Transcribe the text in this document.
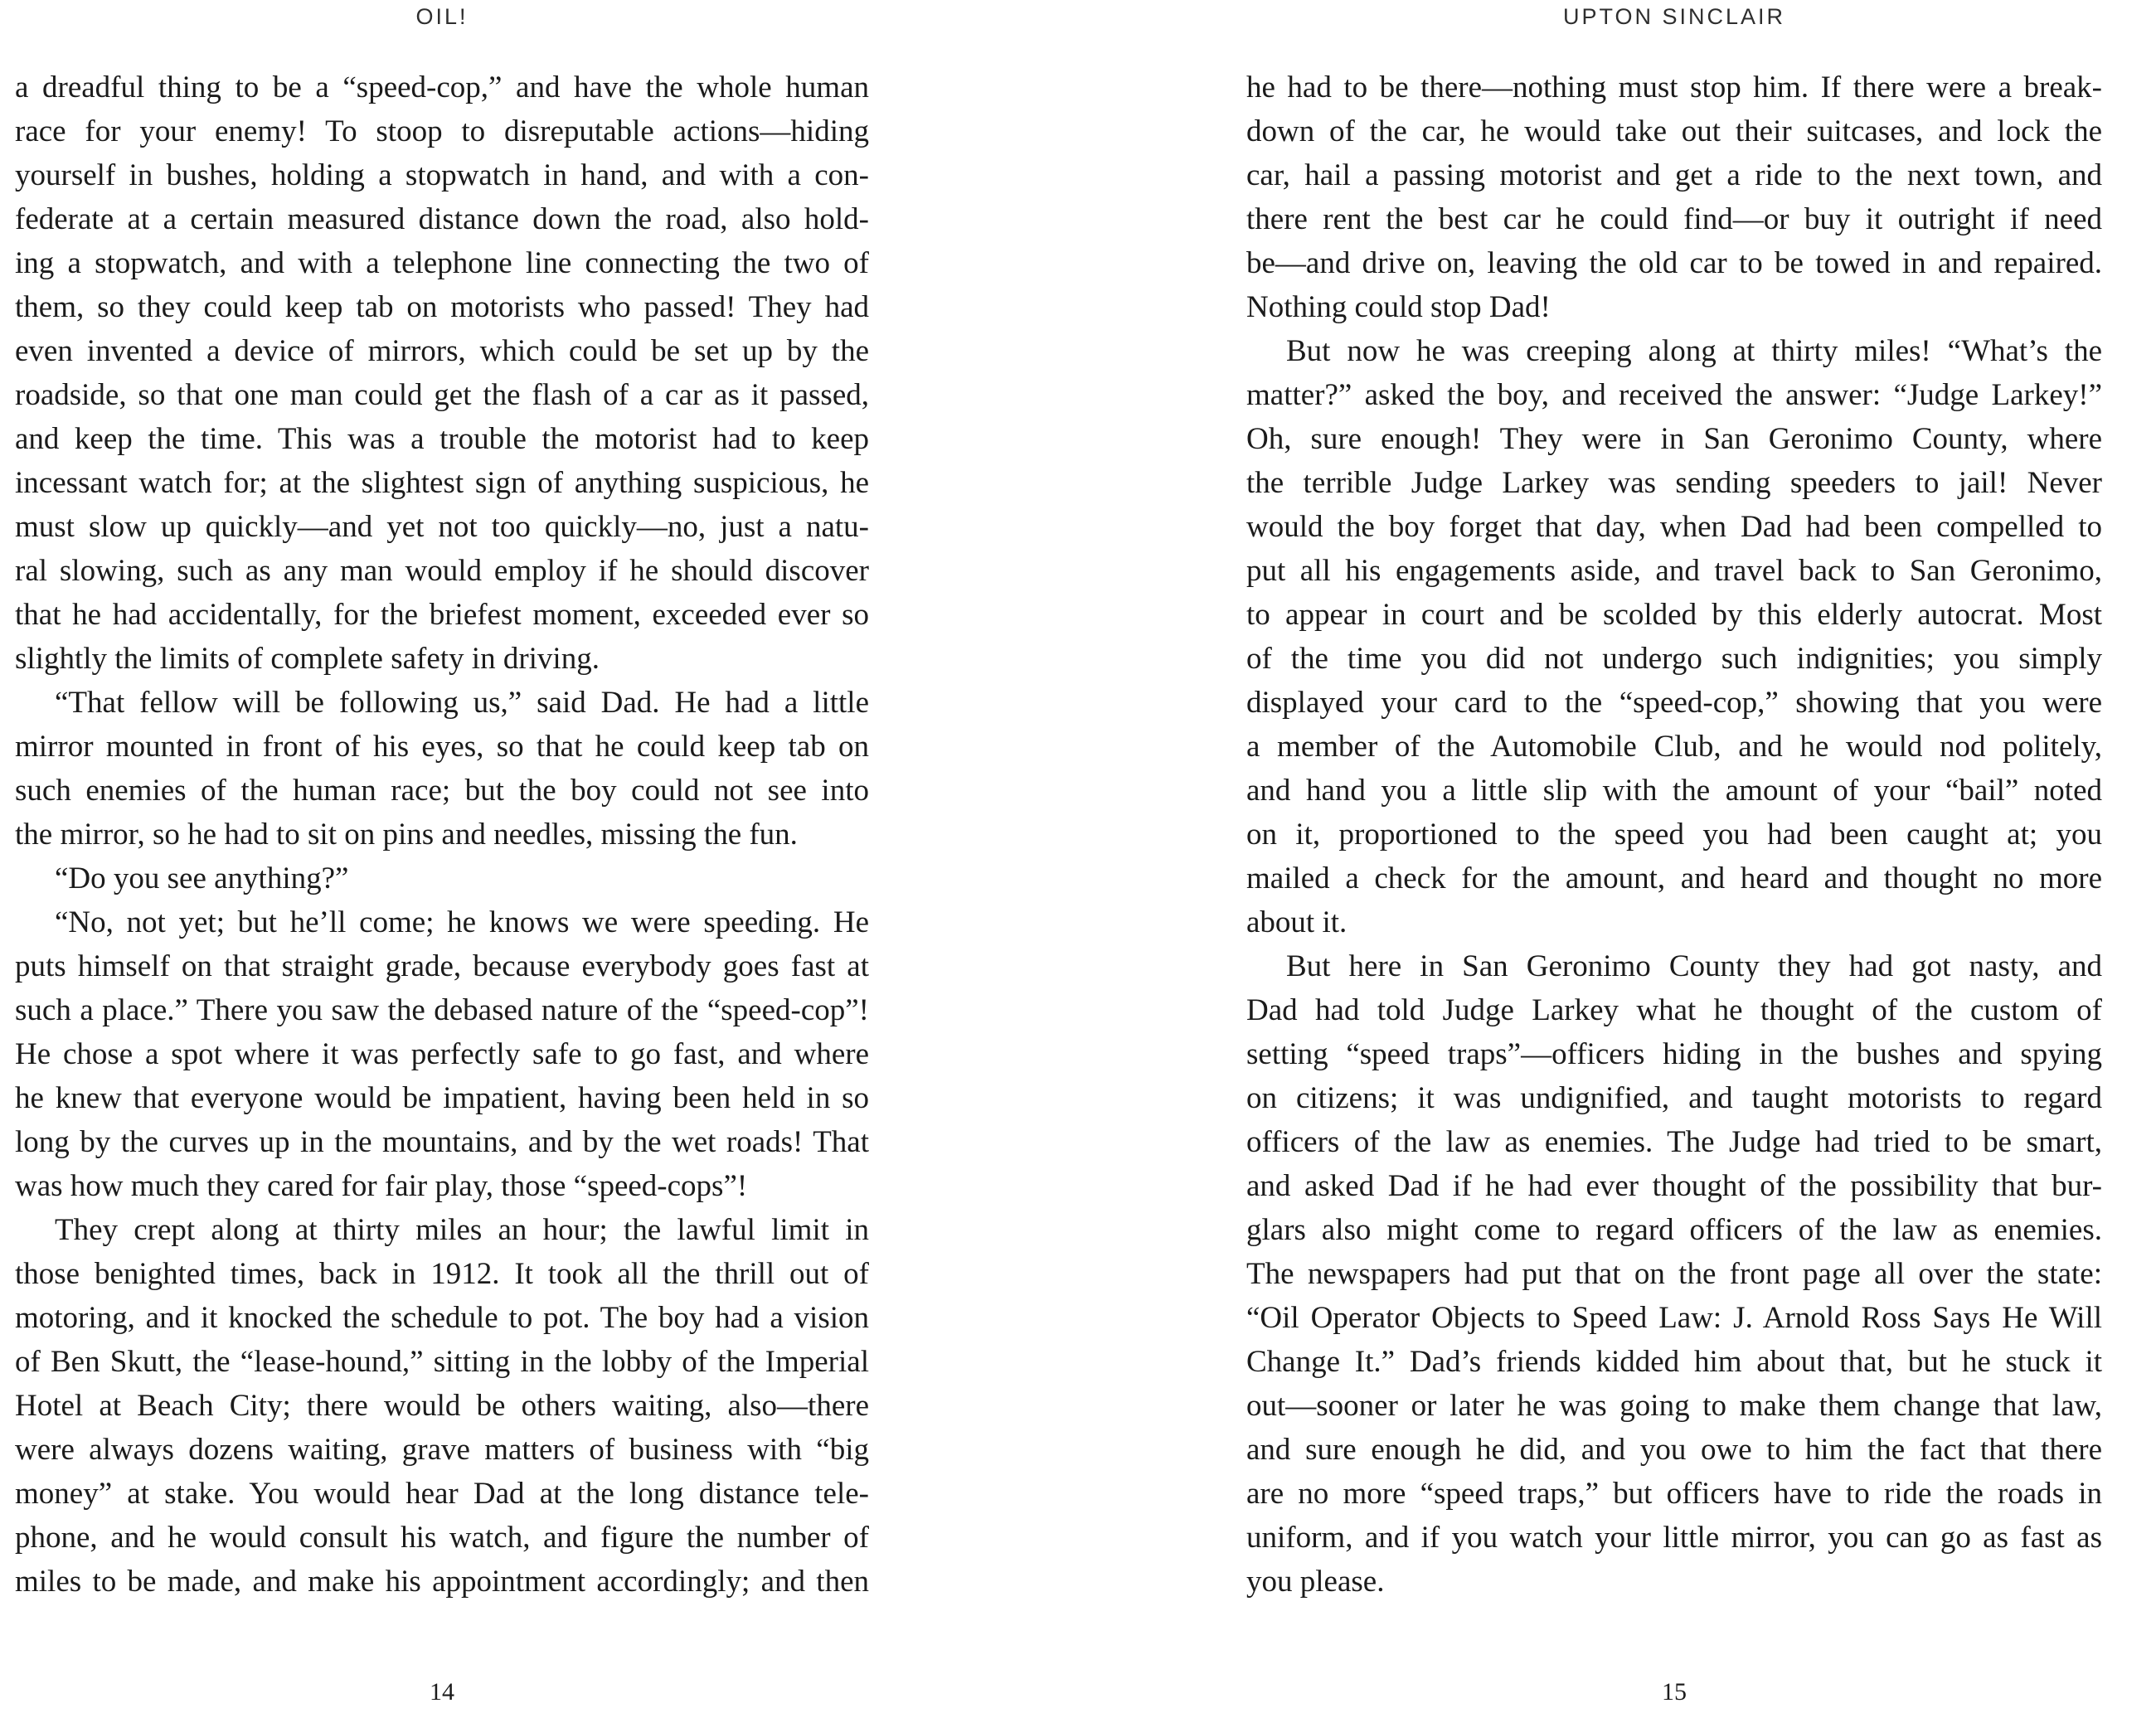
OIL!
a dreadful thing to be a “speed-cop,” and have the whole human
race for your enemy! To stoop to disreputable actions—hiding
yourself in bushes, holding a stopwatch in hand, and with a con-
federate at a certain measured distance down the road, also hold-
ing a stopwatch, and with a telephone line connecting the two of
them, so they could keep tab on motorists who passed! They had
even invented a device of mirrors, which could be set up by the
roadside, so that one man could get the flash of a car as it passed,
and keep the time. This was a trouble the motorist had to keep
incessant watch for; at the slightest sign of anything suspicious, he
must slow up quickly—and yet not too quickly—no, just a natu-
ral slowing, such as any man would employ if he should discover
that he had accidentally, for the briefest moment, exceeded ever so
slightly the limits of complete safety in driving.
“That fellow will be following us,” said Dad. He had a little
mirror mounted in front of his eyes, so that he could keep tab on
such enemies of the human race; but the boy could not see into
the mirror, so he had to sit on pins and needles, missing the fun.
“Do you see anything?”
“No, not yet; but he’ll come; he knows we were speeding. He
puts himself on that straight grade, because everybody goes fast at
such a place.” There you saw the debased nature of the “speed-cop”!
He chose a spot where it was perfectly safe to go fast, and where
he knew that everyone would be impatient, having been held in so
long by the curves up in the mountains, and by the wet roads! That
was how much they cared for fair play, those “speed-cops”!
They crept along at thirty miles an hour; the lawful limit in
those benighted times, back in 1912. It took all the thrill out of
motoring, and it knocked the schedule to pot. The boy had a vision
of Ben Skutt, the “lease-hound,” sitting in the lobby of the Imperial
Hotel at Beach City; there would be others waiting, also—there
were always dozens waiting, grave matters of business with “big
money” at stake. You would hear Dad at the long distance tele-
phone, and he would consult his watch, and figure the number of
miles to be made, and make his appointment accordingly; and then
14
UPTON SINCLAIR
he had to be there—nothing must stop him. If there were a break-
down of the car, he would take out their suitcases, and lock the
car, hail a passing motorist and get a ride to the next town, and
there rent the best car he could find—or buy it outright if need
be—and drive on, leaving the old car to be towed in and repaired.
Nothing could stop Dad!
But now he was creeping along at thirty miles! “What’s the
matter?” asked the boy, and received the answer: “Judge Larkey!”
Oh, sure enough! They were in San Geronimo County, where
the terrible Judge Larkey was sending speeders to jail! Never
would the boy forget that day, when Dad had been compelled to
put all his engagements aside, and travel back to San Geronimo,
to appear in court and be scolded by this elderly autocrat. Most
of the time you did not undergo such indignities; you simply
displayed your card to the “speed-cop,” showing that you were
a member of the Automobile Club, and he would nod politely,
and hand you a little slip with the amount of your “bail” noted
on it, proportioned to the speed you had been caught at; you
mailed a check for the amount, and heard and thought no more
about it.
But here in San Geronimo County they had got nasty, and
Dad had told Judge Larkey what he thought of the custom of
setting “speed traps”—officers hiding in the bushes and spying
on citizens; it was undignified, and taught motorists to regard
officers of the law as enemies. The Judge had tried to be smart,
and asked Dad if he had ever thought of the possibility that bur-
glars also might come to regard officers of the law as enemies.
The newspapers had put that on the front page all over the state:
“Oil Operator Objects to Speed Law: J. Arnold Ross Says He Will
Change It.” Dad’s friends kidded him about that, but he stuck it
out—sooner or later he was going to make them change that law,
and sure enough he did, and you owe to him the fact that there
are no more “speed traps,” but officers have to ride the roads in
uniform, and if you watch your little mirror, you can go as fast as
you please.
15
